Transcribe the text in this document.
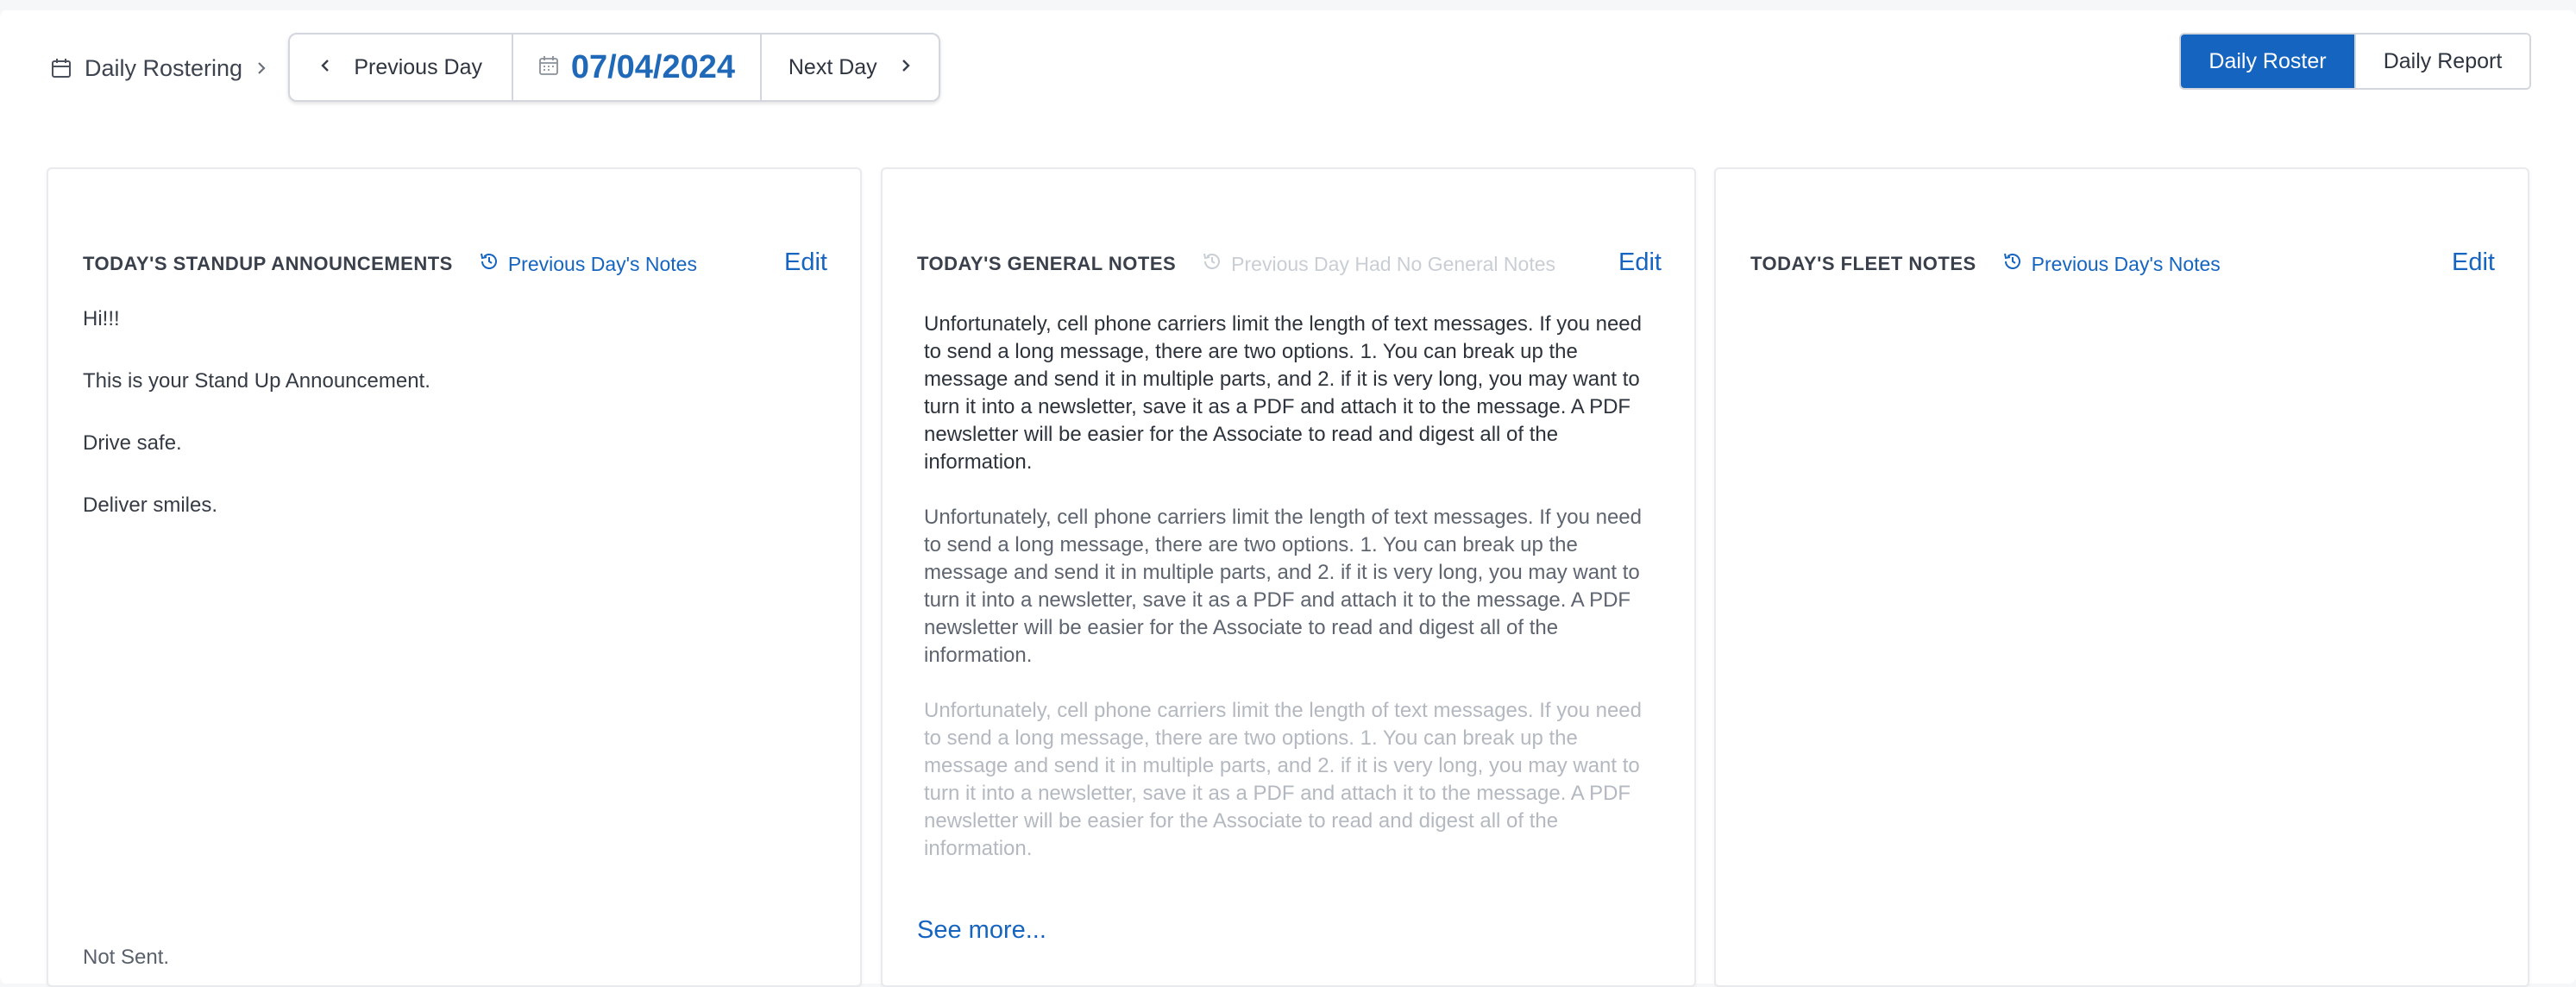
Daily Rostering	Previous Day	07/04/2024 Next Day	Daily Roster	Daily Report
TODAY'S STANDUP ANNOUNCEMENTS	Previous Day's Notes	Edit

Hi!!!

This is your Stand Up Announcement.

Drive safe.

Deliver smiles.

Not Sent.
TODAY'S GENERAL NOTES	Previous Day Had No General Notes	Edit

Unfortunately, cell phone carriers limit the length of text messages. If you need to send a long message, there are two options. 1. You can break up the message and send it in multiple parts, and 2. if it is very long, you may want to turn it into a newsletter, save it as a PDF and attach it to the message. A PDF newsletter will be easier for the Associate to read and digest all of the information.

Unfortunately, cell phone carriers limit the length of text messages. If you need to send a long message, there are two options. 1. You can break up the message and send it in multiple parts, and 2. if it is very long, you may want to turn it into a newsletter, save it as a PDF and attach it to the message. A PDF newsletter will be easier for the Associate to read and digest all of the information.

Unfortunately, cell phone carriers limit the length of text messages. If you need to send a long message, there are two options. 1. You can break up the message and send it in multiple parts, and 2. if it is very long, you may want to turn it into a newsletter, save it as a PDF and attach it to the message. A PDF newsletter will be easier for the Associate to read and digest all of the information.

See more...
TODAY'S FLEET NOTES	Previous Day's Notes	Edit
